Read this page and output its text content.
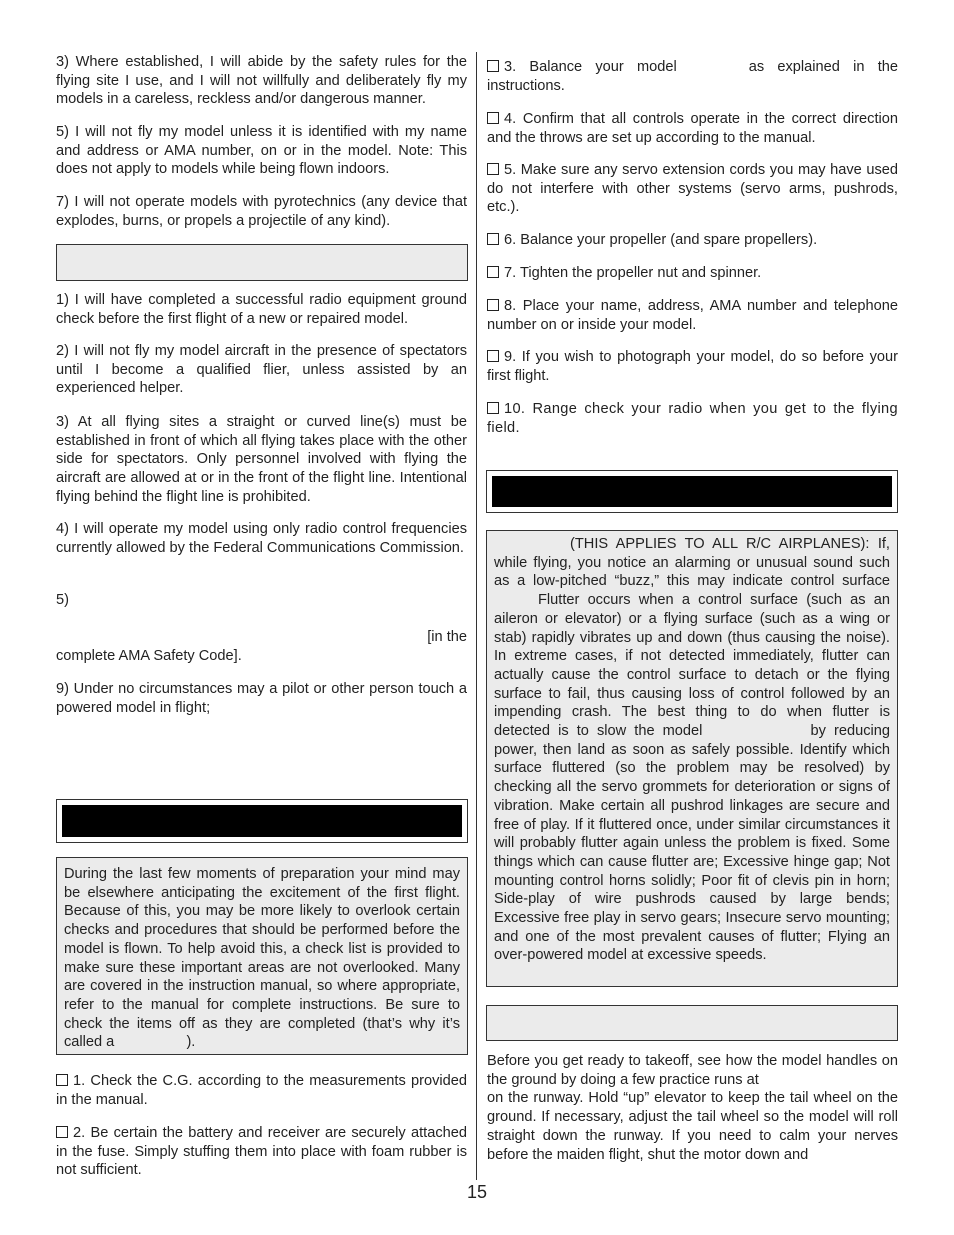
3) Where established, I will abide by the safety rules for the flying site I use, and I will not willfully and deliberately fly my models in a careless, reckless and/or dangerous manner.

5) I will not fly my model unless it is identified with my name and address or AMA number, on or in the model. Note: This does not apply to models while being flown indoors.

7) I will not operate models with pyrotechnics (any device that explodes, burns, or propels a projectile of any kind).

1) I will have completed a successful radio equipment ground check before the first flight of a new or repaired model.

2) I will not fly my model aircraft in the presence of spectators until I become a qualified flier, unless assisted by an experienced helper.

3) At all flying sites a straight or curved line(s) must be established in front of which all flying takes place with the other side for spectators. Only personnel involved with flying the aircraft are allowed at or in the front of the flight line. Intentional flying behind the flight line is prohibited.

4) I will operate my model using only radio control frequencies currently allowed by the Federal Communications Commission.

5)
[in the
complete AMA Safety Code].

9) Under no circumstances may a pilot or other person touch a powered model in flight;

During the last few moments of preparation your mind may be elsewhere anticipating the excitement of the first flight. Because of this, you may be more likely to overlook certain checks and procedures that should be performed before the model is flown. To help avoid this, a check list is provided to make sure these important areas are not overlooked. Many are covered in the instruction manual, so where appropriate, refer to the manual for complete instructions. Be sure to check the items off as they are completed (that’s why it’s called a	).

1. Check the C.G. according to the measurements provided in the manual.

2. Be certain the battery and receiver are securely attached in the fuse. Simply stuffing them into place with foam rubber is not sufficient.

3. Balance your model	as explained in the instructions.

4. Confirm that all controls operate in the correct direction and the throws are set up according to the manual.

5. Make sure any servo extension cords you may have used do not interfere with other systems (servo arms, pushrods, etc.).

6. Balance your propeller (and spare propellers).

7. Tighten the propeller nut and spinner.

8. Place your name, address, AMA number and telephone number on or inside your model.

9. If you wish to photograph your model, do so before your first flight.

10. Range check your radio when you get to the flying field.

(THIS APPLIES TO ALL R/C AIRPLANES): If, while flying, you notice an alarming or unusual sound such as a low-pitched “buzz,” this may indicate control surface Flutter occurs when a control surface (such as an aileron or elevator) or a flying surface (such as a wing or stab) rapidly vibrates up and down (thus causing the noise). In extreme cases, if not detected immediately, flutter can actually cause the control surface to detach or the flying surface to fail, thus causing loss of control followed by an impending crash. The best thing to do when flutter is detected is to slow the model	by reducing power, then land as soon as safely possible. Identify which surface fluttered (so the problem may be resolved) by checking all the servo grommets for deterioration or signs of vibration. Make certain all pushrod linkages are secure and free of play. If it fluttered once, under similar circumstances it will probably flutter again unless the problem is fixed. Some things which can cause flutter are; Excessive hinge gap; Not mounting control horns solidly; Poor fit of clevis pin in horn; Side-play of wire pushrods caused by large bends; Excessive free play in servo gears; Insecure servo mounting; and one of the most prevalent causes of flutter; Flying an over-powered model at excessive speeds.

Before you get ready to takeoff, see how the model handles on the ground by doing a few practice runs at
on the runway. Hold “up” elevator to keep the tail wheel on the ground. If necessary, adjust the tail wheel so the model will roll straight down the runway. If you need to calm your nerves before the maiden flight, shut the motor down and

15
